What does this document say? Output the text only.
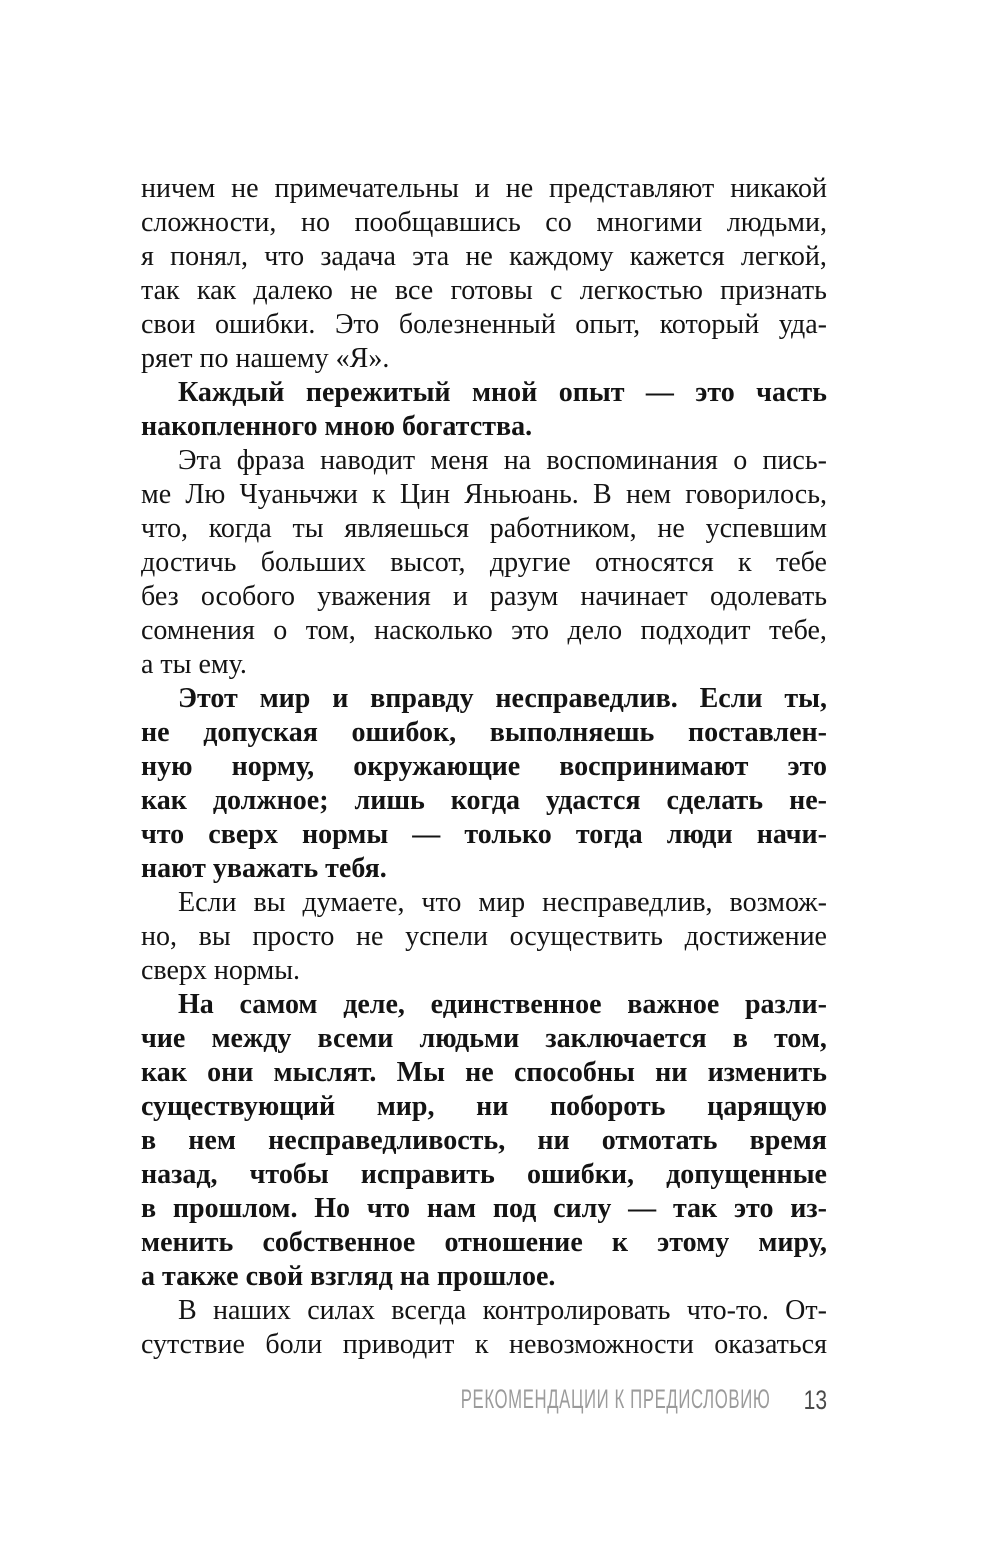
ничем не примечательны и не представляют никакой
сложности, но пообщавшись со многими людьми,
я понял, что задача эта не каждому кажется легкой,
так как далеко не все готовы с легкостью признать
свои ошибки. Это болезненный опыт, который уда-
ряет по нашему «Я».
Каждый пережитый мной опыт — это часть
накопленного мною богатства.
Эта фраза наводит меня на воспоминания о пись-
ме Лю Чуаньчжи к Цин Яньюань. В нем говорилось,
что, когда ты являешься работником, не успевшим
достичь больших высот, другие относятся к тебе
без особого уважения и разум начинает одолевать
сомнения о том, насколько это дело подходит тебе,
а ты ему.
Этот мир и вправду несправедлив. Если ты,
не допуская ошибок, выполняешь поставлен-
ную норму, окружающие воспринимают это
как должное; лишь когда удастся сделать не-
что сверх нормы — только тогда люди начи-
нают уважать тебя.
Если вы думаете, что мир несправедлив, возмож-
но, вы просто не успели осуществить достижение
сверх нормы.
На самом деле, единственное важное разли-
чие между всеми людьми заключается в том,
как они мыслят. Мы не способны ни изменить
существующий мир, ни побороть царящую
в нем несправедливость, ни отмотать время
назад, чтобы исправить ошибки, допущенные
в прошлом. Но что нам под силу — так это из-
менить собственное отношение к этому миру,
а также свой взгляд на прошлое.
В наших силах всегда контролировать что-то. От-
сутствие боли приводит к невозможности оказаться
РЕКОМЕНДАЦИИ К ПРЕДИСЛОВИЮ 13
